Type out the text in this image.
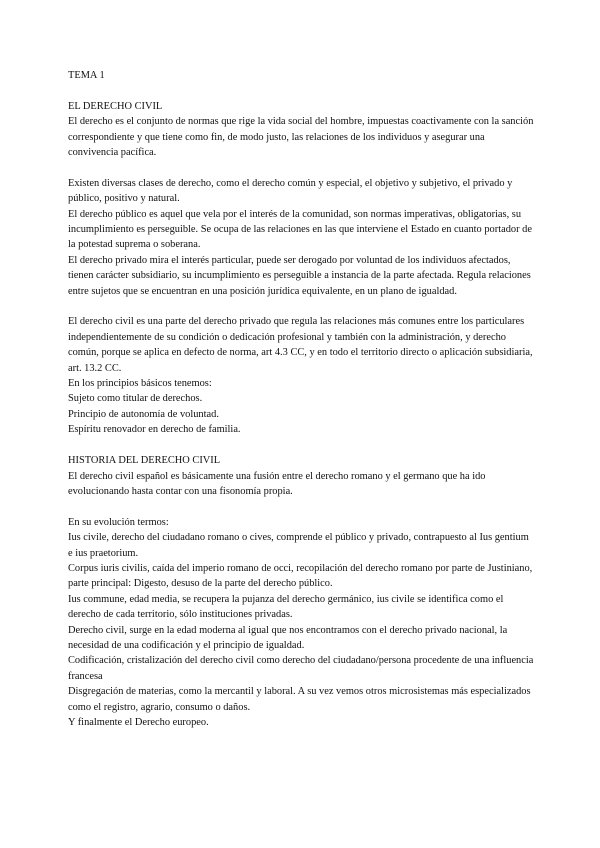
TEMA 1

EL DERECHO CIVIL

El derecho es el conjunto de normas que rige la vida social del hombre, impuestas coactivamente con la sanción correspondiente y que tiene como fin, de modo justo, las relaciones de los individuos y asegurar una convivencia pacífica.

Existen diversas clases de derecho, como el derecho común y especial, el objetivo y subjetivo, el privado y público, positivo y natural.

El derecho público es aquel que vela por el interés de la comunidad, son normas imperativas, obligatorias, su incumplimiento es perseguible. Se ocupa de las relaciones en las que interviene el Estado en cuanto portador de la potestad suprema o soberana.

El derecho privado mira el interés particular, puede ser derogado por voluntad de los individuos afectados, tienen carácter subsidiario, su incumplimiento es perseguible a instancia de la parte afectada. Regula relaciones entre sujetos que se encuentran en una posición jurídica equivalente, en un plano de igualdad.

El derecho civil es una parte del derecho privado que regula las relaciones más comunes entre los particulares independientemente de su condición o dedicación profesional y también con la administración, y derecho común, porque se aplica en defecto de norma, art 4.3 CC, y en todo el territorio directo o aplicación subsidiaria, art. 13.2 CC.

En los principios básicos tenemos:

Sujeto como titular de derechos.

Principio de autonomía de voluntad.

Espíritu renovador en derecho de familia.

HISTORIA DEL DERECHO CIVIL

El derecho civil español es básicamente una fusión entre el derecho romano y el germano que ha ido evolucionando hasta contar con una fisonomía propia.

En su evolución termos:

Ius civile, derecho del ciudadano romano o cives, comprende el público y privado, contrapuesto al Ius gentium e ius praetorium.

Corpus iuris civilis, caída del imperio romano de occi, recopilación del derecho romano por parte de Justiniano, parte principal: Digesto, desuso de la parte del derecho público.

Ius commune, edad media, se recupera la pujanza del derecho germánico, ius civile se identifica como el derecho de cada territorio, sólo instituciones privadas.

Derecho civil, surge en la edad moderna al igual que nos encontramos con el derecho privado nacional, la necesidad de una codificación y el principio de igualdad.

Codificación, cristalización del derecho civil como derecho del ciudadano/persona procedente de una influencia francesa

Disgregación de materias, como la mercantil y laboral. A su vez vemos otros microsistemas más especializados como el registro, agrario, consumo o daños.

Y finalmente el Derecho europeo.
